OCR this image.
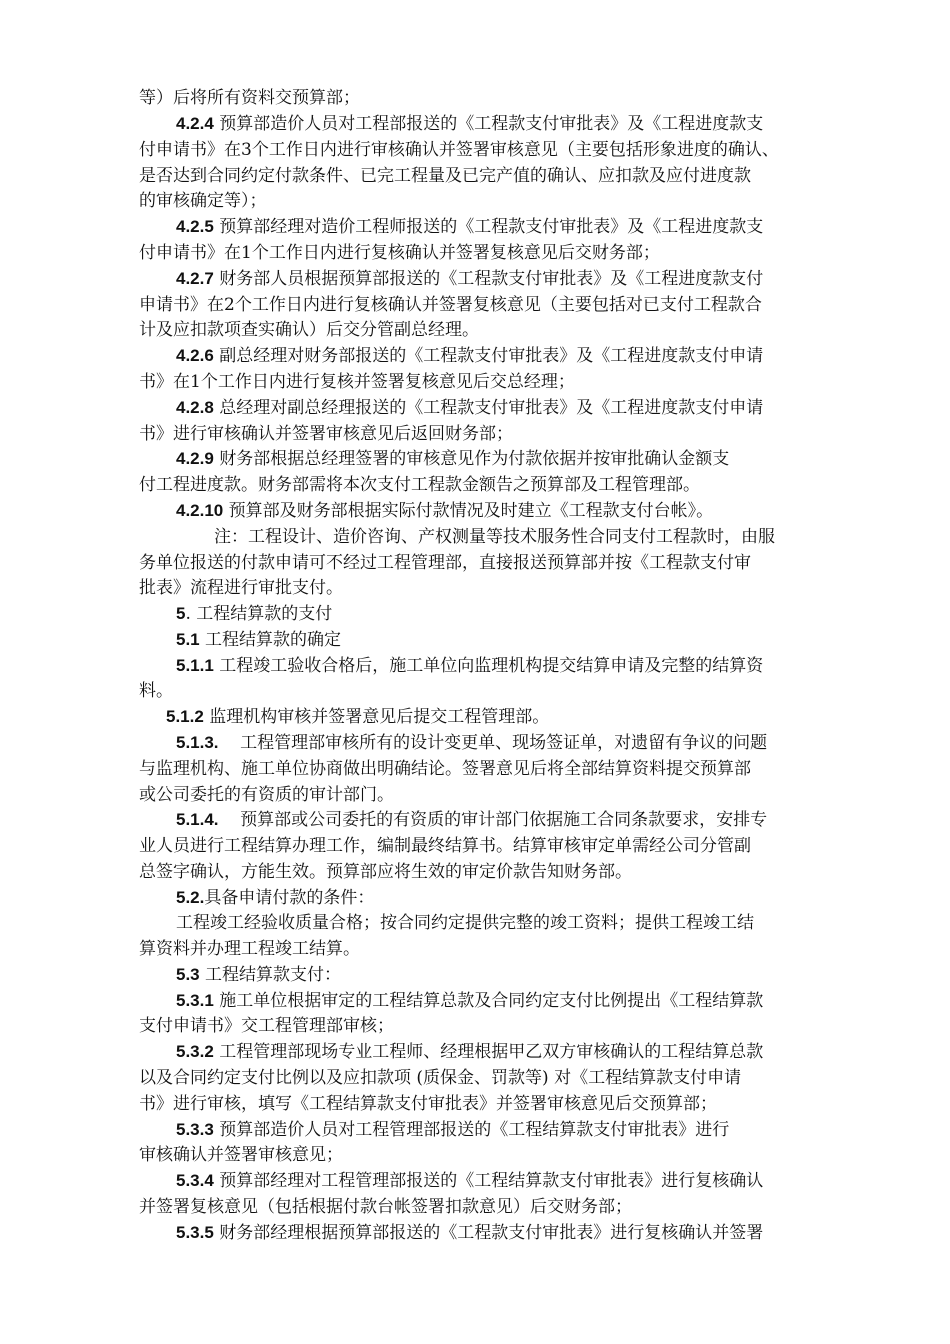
等）后将所有资料交预算部；
4.2.4 预算部造价人员对工程部报送的《工程款支付审批表》及《工程进度款支
付申请书》在3个工作日内进行审核确认并签署审核意见（主要包括形象进度的确认、
是否达到合同约定付款条件、已完工程量及已完产值的确认、应扣款及应付进度款
的审核确定等）；
4.2.5 预算部经理对造价工程师报送的《工程款支付审批表》及《工程进度款支
付申请书》在1个工作日内进行复核确认并签署复核意见后交财务部；
4.2.7 财务部人员根据预算部报送的《工程款支付审批表》及《工程进度款支付
申请书》在2个工作日内进行复核确认并签署复核意见（主要包括对已支付工程款合
计及应扣款项查实确认）后交分管副总经理。
4.2.6 副总经理对财务部报送的《工程款支付审批表》及《工程进度款支付申请
书》在1个工作日内进行复核并签署复核意见后交总经理；
4.2.8 总经理对副总经理报送的《工程款支付审批表》及《工程进度款支付申请
书》进行审核确认并签署审核意见后返回财务部；
4.2.9 财务部根据总经理签署的审核意见作为付款依据并按审批确认金额支
付工程进度款。财务部需将本次支付工程款金额告之预算部及工程管理部。
4.2.10 预算部及财务部根据实际付款情况及时建立《工程款支付台帐》。
注：工程设计、造价咨询、产权测量等技术服务性合同支付工程款时，由服
务单位报送的付款申请可不经过工程管理部，直接报送预算部并按《工程款支付审
批表》流程进行审批支付。
5. 工程结算款的支付
5.1 工程结算款的确定
5.1.1 工程竣工验收合格后，施工单位向监理机构提交结算申请及完整的结算资
料。
5.1.2 监理机构审核并签署意见后提交工程管理部。
5.1.3. 工程管理部审核所有的设计变更单、现场签证单，对遗留有争议的问题
与监理机构、施工单位协商做出明确结论。签署意见后将全部结算资料提交预算部
或公司委托的有资质的审计部门。
5.1.4. 预算部或公司委托的有资质的审计部门依据施工合同条款要求，安排专
业人员进行工程结算办理工作，编制最终结算书。结算审核审定单需经公司分管副
总签字确认，方能生效。预算部应将生效的审定价款告知财务部。
5.2.具备申请付款的条件：
工程竣工经验收质量合格；按合同约定提供完整的竣工资料；提供工程竣工结
算资料并办理工程竣工结算。
5.3 工程结算款支付：
5.3.1 施工单位根据审定的工程结算总款及合同约定支付比例提出《工程结算款
支付申请书》交工程管理部审核；
5.3.2 工程管理部现场专业工程师、经理根据甲乙双方审核确认的工程结算总款
以及合同约定支付比例以及应扣款项 (质保金、罚款等) 对《工程结算款支付申请
书》进行审核，填写《工程结算款支付审批表》并签署审核意见后交预算部；
5.3.3 预算部造价人员对工程管理部报送的《工程结算款支付审批表》进行
审核确认并签署审核意见；
5.3.4 预算部经理对工程管理部报送的《工程结算款支付审批表》进行复核确认
并签署复核意见（包括根据付款台帐签署扣款意见）后交财务部；
5.3.5 财务部经理根据预算部报送的《工程款支付审批表》进行复核确认并签署
